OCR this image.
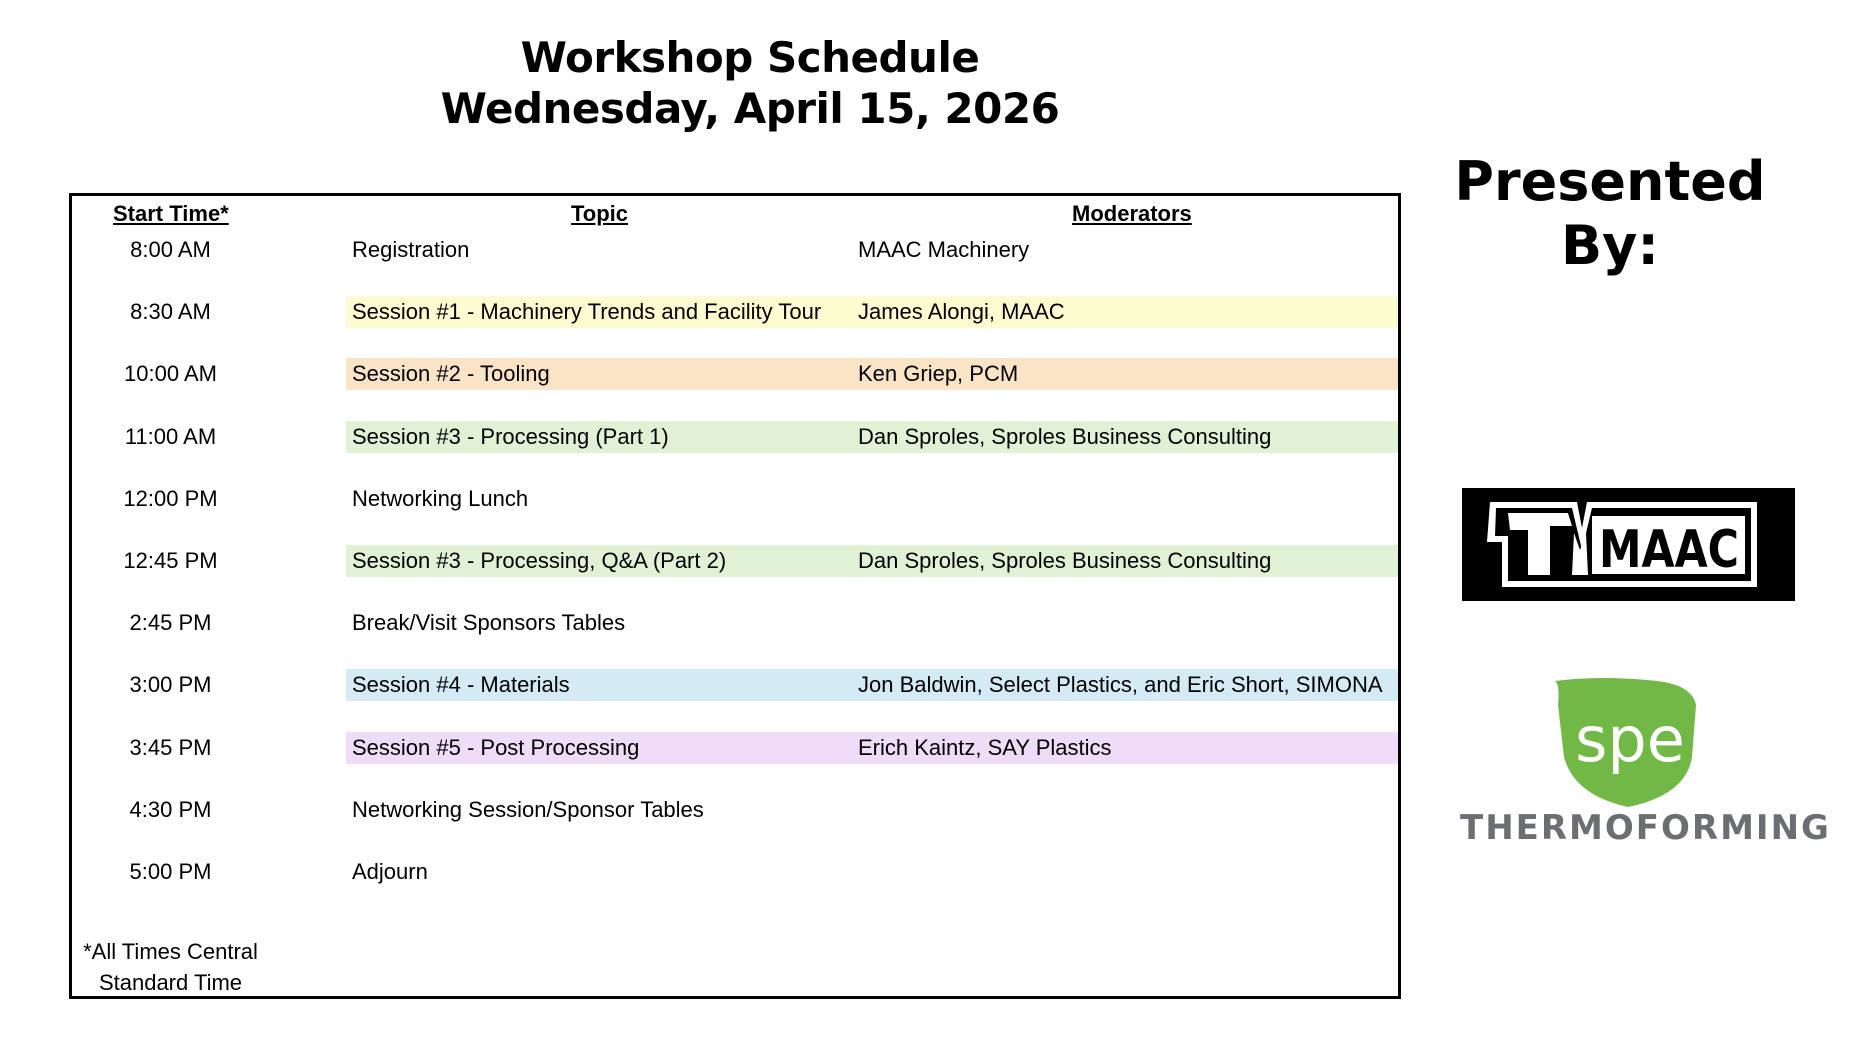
Workshop Schedule
Wednesday, April 15, 2026
Start Time*	Topic	Moderators
8:00 AM	Registration	MAAC Machinery
8:30 AM	Session #1 - Machinery Trends and Facility Tour	James Alongi, MAAC
10:00 AM	Session #2 - Tooling	Ken Griep, PCM
11:00 AM	Session #3 - Processing (Part 1)	Dan Sproles, Sproles Business Consulting
12:00 PM	Networking Lunch
12:45 PM	Session #3 - Processing, Q&A (Part 2)	Dan Sproles, Sproles Business Consulting
2:45 PM	Break/Visit Sponsors Tables
3:00 PM	Session #4 - Materials	Jon Baldwin, Select Plastics, and Eric Short, SIMONA
3:45 PM	Session #5 - Post Processing	Erich Kaintz, SAY Plastics
4:30 PM	Networking Session/Sponsor Tables
5:00 PM	Adjourn
*All Times Central
Standard Time
Presented
By:
MAAC
spe
THERMOFORMING
